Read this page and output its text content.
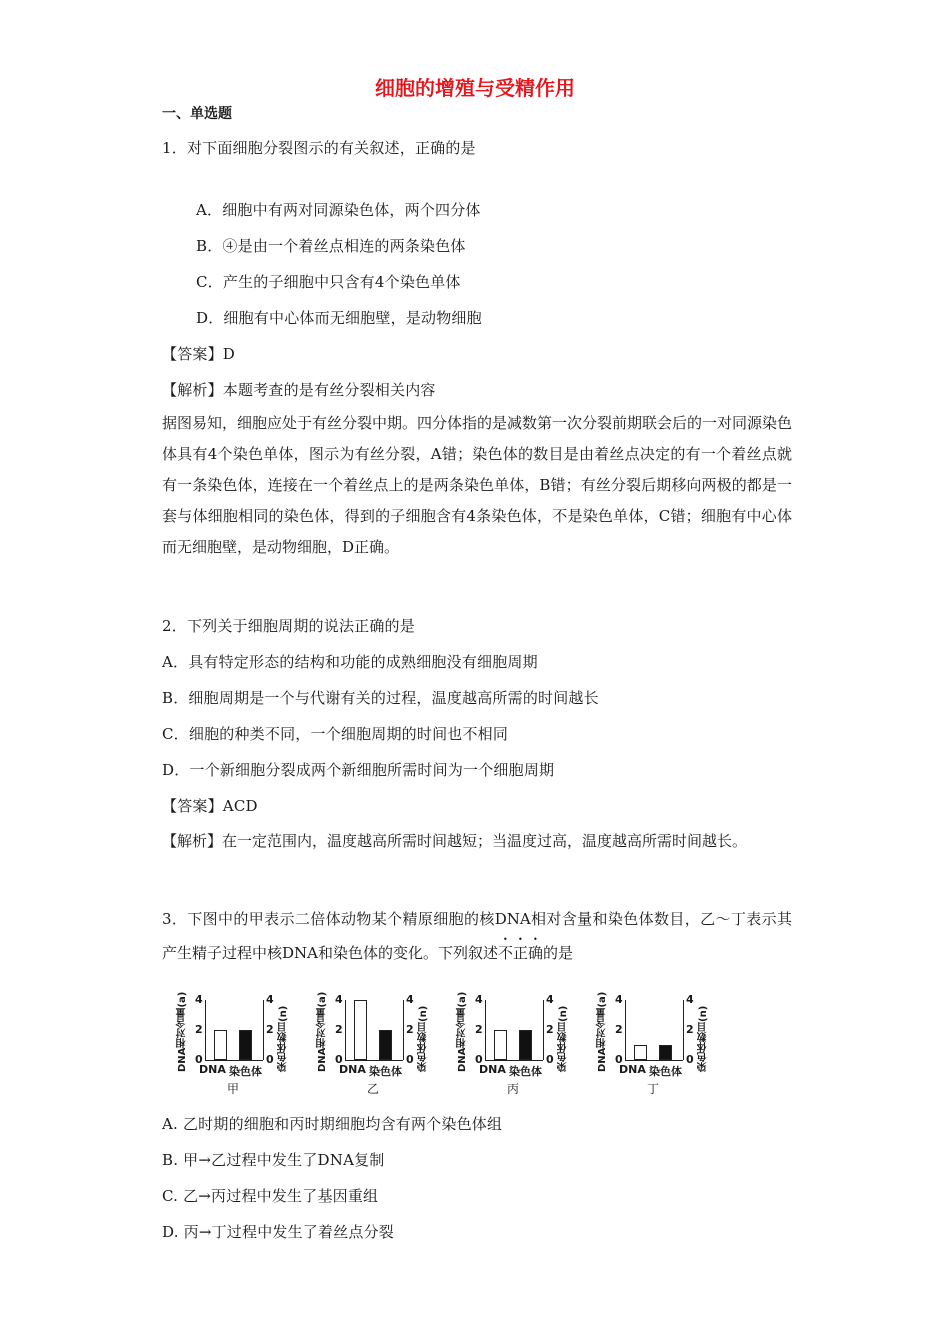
细胞的增殖与受精作用
一、单选题
1．对下面细胞分裂图示的有关叙述，正确的是
A．细胞中有两对同源染色体，两个四分体
B．④是由一个着丝点相连的两条染色体
C．产生的子细胞中只含有4个染色单体
D．细胞有中心体而无细胞壁，是动物细胞
【答案】D
【解析】本题考查的是有丝分裂相关内容
据图易知，细胞应处于有丝分裂中期。四分体指的是减数第一次分裂前期联会后的一对同源染色体具有4个染色单体，图示为有丝分裂，A错；染色体的数目是由着丝点决定的有一个着丝点就有一条染色体，连接在一个着丝点上的是两条染色单体，B错；有丝分裂后期移向两极的都是一套与体细胞相同的染色体，得到的子细胞含有4条染色体，不是染色单体，C错；细胞有中心体而无细胞壁，是动物细胞，D正确。
2．下列关于细胞周期的说法正确的是
A．具有特定形态的结构和功能的成熟细胞没有细胞周期
B．细胞周期是一个与代谢有关的过程，温度越高所需的时间越长
C．细胞的种类不同，一个细胞周期的时间也不相同
D．一个新细胞分裂成两个新细胞所需时间为一个细胞周期
【答案】ACD
【解析】在一定范围内，温度越高所需时间越短；当温度过高，温度越高所需时间越长。
3．下图中的甲表示二倍体动物某个精原细胞的核DNA相对含量和染色体数目，乙～丁表示其产生精子过程中核DNA和染色体的变化。下列叙述不正确的是
DNA相对含量(a)	染色体数目(n)
0	0
2	2
4	4
DNA 染色体
甲
DNA相对含量(a)	染色体数目(n)
0	0
2	2
4	4
DNA 染色体
乙
DNA相对含量(a)	染色体数目(n)
0	0
2	2
4	4
DNA 染色体
丙
DNA相对含量(a)	染色体数目(n)
0	0
2	2
4	4
DNA 染色体
丁
A. 乙时期的细胞和丙时期细胞均含有两个染色体组
B. 甲→乙过程中发生了DNA复制
C. 乙→丙过程中发生了基因重组
D. 丙→丁过程中发生了着丝点分裂
